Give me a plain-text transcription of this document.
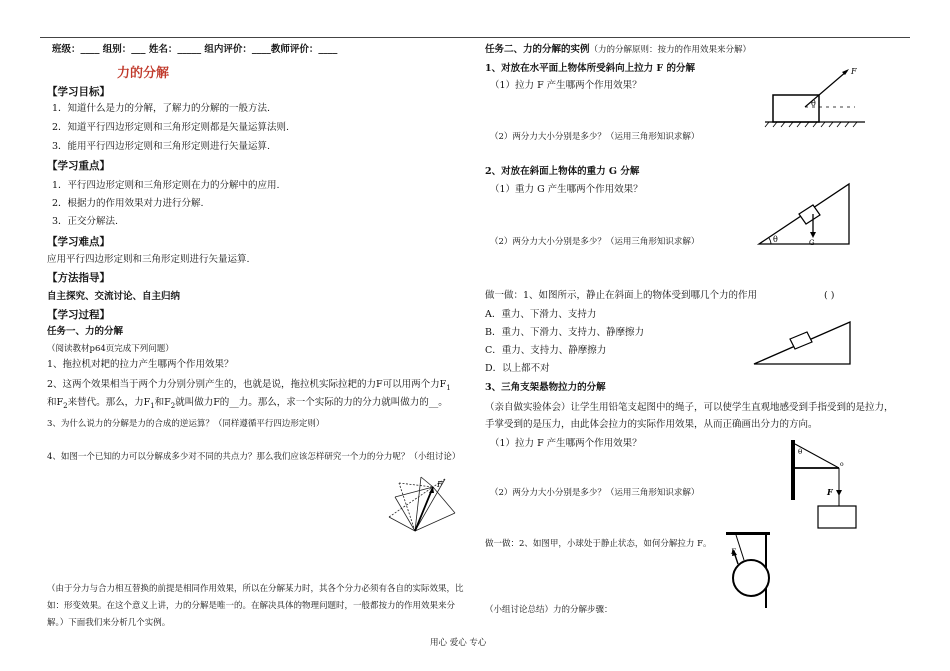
班级：____ 组别：___ 姓名：_____ 组内评价：____教师评价：____
力的分解
【学习目标】
1．知道什么是力的分解，了解力的分解的一般方法.
2．知道平行四边形定则和三角形定则都是矢量运算法则.
3．能用平行四边形定则和三角形定则进行矢量运算.
【学习重点】
1．平行四边形定则和三角形定则在力的分解中的应用.
2．根据力的作用效果对力进行分解.
3．正交分解法.
【学习难点】
应用平行四边形定则和三角形定则进行矢量运算.
【方法指导】
自主探究、交流讨论、自主归纳
【学习过程】
任务一、力的分解
（阅读教材p64页完成下列问题）
1、拖拉机对耙的拉力产生哪两个作用效果？
2、这两个效果相当于两个力分别分别产生的，也就是说，拖拉机实际拉耙的力F可以用两个力$F_1$
和$F_2$来替代。那么，力$F_1$和$F_2$就叫做力F的__力。那么，求一个实际的力的分力就叫做力的__。
3、为什么说力的分解是力的合成的逆运算？（同样遵循平行四边形定则）
4、如图一个已知的力可以分解成多少对不同的共点力？那么我们应该怎样研究一个力的分力呢？（小组讨论）
F
（由于分力与合力相互替换的前提是相同作用效果，所以在分解某力时，其各个分力必须有各自的实际效果，比如：形变效果。在这个意义上讲，力的分解是唯一的。在解决具体的物理问题时，一般都按力的作用效果来分解。）下面我们来分析几个实例。
任务二、力的分解的实例（力的分解原则：按力的作用效果来分解）
1、对放在水平面上物体所受斜向上拉力 F 的分解
（1）拉力 F 产生哪两个作用效果？
F
θ
（2）两分力大小分别是多少？（运用三角形知识求解）
2、对放在斜面上物体的重力 G 分解
（1）重力 G 产生哪两个作用效果？
θ	G
（2）两分力大小分别是多少？（运用三角形知识求解）
做一做：1、如图所示，静止在斜面上的物体受到哪几个力的作用	( )
A．重力、下滑力、支持力
B．重力、下滑力、支持力、静摩擦力
C．重力、支持力、静摩擦力
D．以上都不对
3、三角支架悬物拉力的分解
（亲自做实验体会）让学生用铅笔支起图中的绳子，可以使学生直观地感受到手指受到的是拉力，手掌受到的是压力，由此体会拉力的实际作用效果，从而正确画出分力的方向。
（1）拉力 F 产生哪两个作用效果？
θ
o
F
（2）两分力大小分别是多少？（运用三角形知识求解）
做一做：2、如图甲，小球处于静止状态，如何分解拉力 F。
F
（小组讨论总结）力的分解步骤：
用心 爱心 专心
